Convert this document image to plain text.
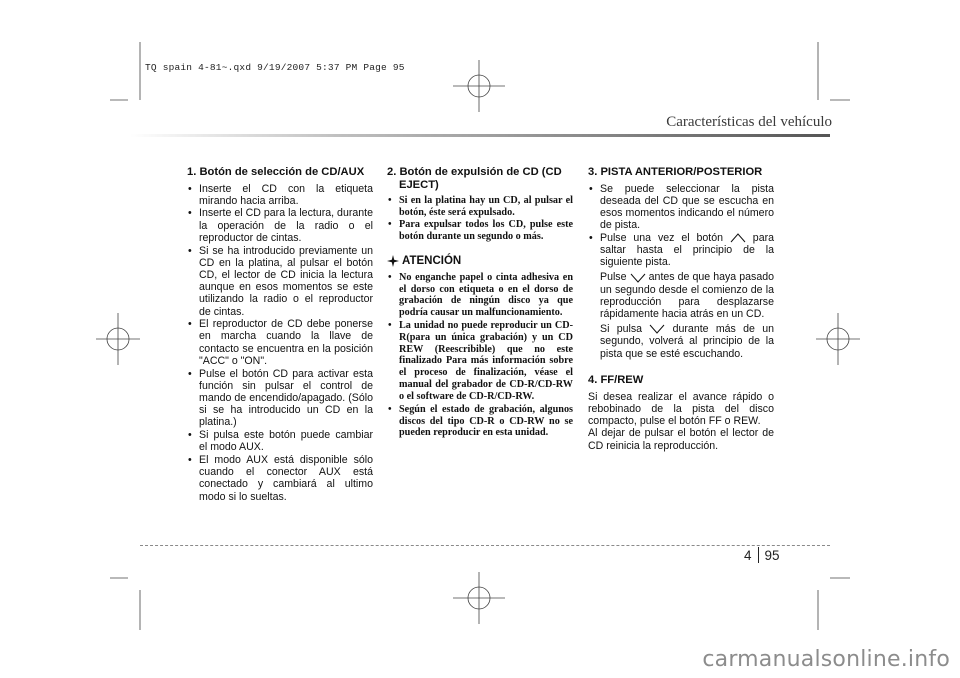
TQ spain 4-81~.qxd 9/19/2007 5:37 PM Page 95
Características del vehículo
1. Botón de selección de CD/AUX
• Inserte el CD con la etiqueta mirando hacia arriba.
• Inserte el CD para la lectura, durante la operación de la radio o el reproductor de cintas.
• Si se ha introducido previamente un CD en la platina, al pulsar el botón CD, el lector de CD inicia la lectura aunque en esos momentos se este utilizando la radio o el reproductor de cintas.
• El reproductor de CD debe ponerse en marcha cuando la llave de contacto se encuentra en la posición "ACC" o "ON".
• Pulse el botón CD para activar esta función sin pulsar el control de mando de encendido/apagado. (Sólo si se ha introducido un CD en la platina.)
• Si pulsa este botón puede cambiar el modo AUX.
• El modo AUX está disponible sólo cuando el conector AUX está conectado y cambiará al ultimo modo si lo sueltas.
2. Botón de expulsión de CD (CD EJECT)
• Si en la platina hay un CD, al pulsar el botón, éste será expulsado.
• Para expulsar todos los CD, pulse este botón durante un segundo o más.
ATENCIÓN
• No enganche papel o cinta adhesiva en el dorso con etiqueta o en el dorso de grabación de ningún disco ya que podría causar un malfuncionamiento.
• La unidad no puede reproducir un CD-R(para un única grabación) y un CD REW (Reescribible) que no este finalizado Para más información sobre el proceso de finalización, véase el manual del grabador de CD-R/CD-RW o el software de CD-R/CD-RW.
• Según el estado de grabación, algunos discos del tipo CD-R o CD-RW no se pueden reproducir en esta unidad.
3. PISTA ANTERIOR/POSTERIOR
• Se puede seleccionar la pista deseada del CD que se escucha en esos momentos indicando el número de pista.
• Pulse una vez el botón	para saltar hasta el principio de la siguiente pista.
Pulse antes de que haya pasado un segundo desde el comienzo de la reproducción para desplazarse rápidamente hacia atrás en un CD.
Si pulsa	durante más de un segundo, volverá al principio de la pista que se esté escuchando.
4. FF/REW

Si desea realizar el avance rápido o rebobinado de la pista del disco compacto, pulse el botón FF o REW.

Al dejar de pulsar el botón el lector de CD reinicia la reproducción.

4 95
carmanualsonline.info
